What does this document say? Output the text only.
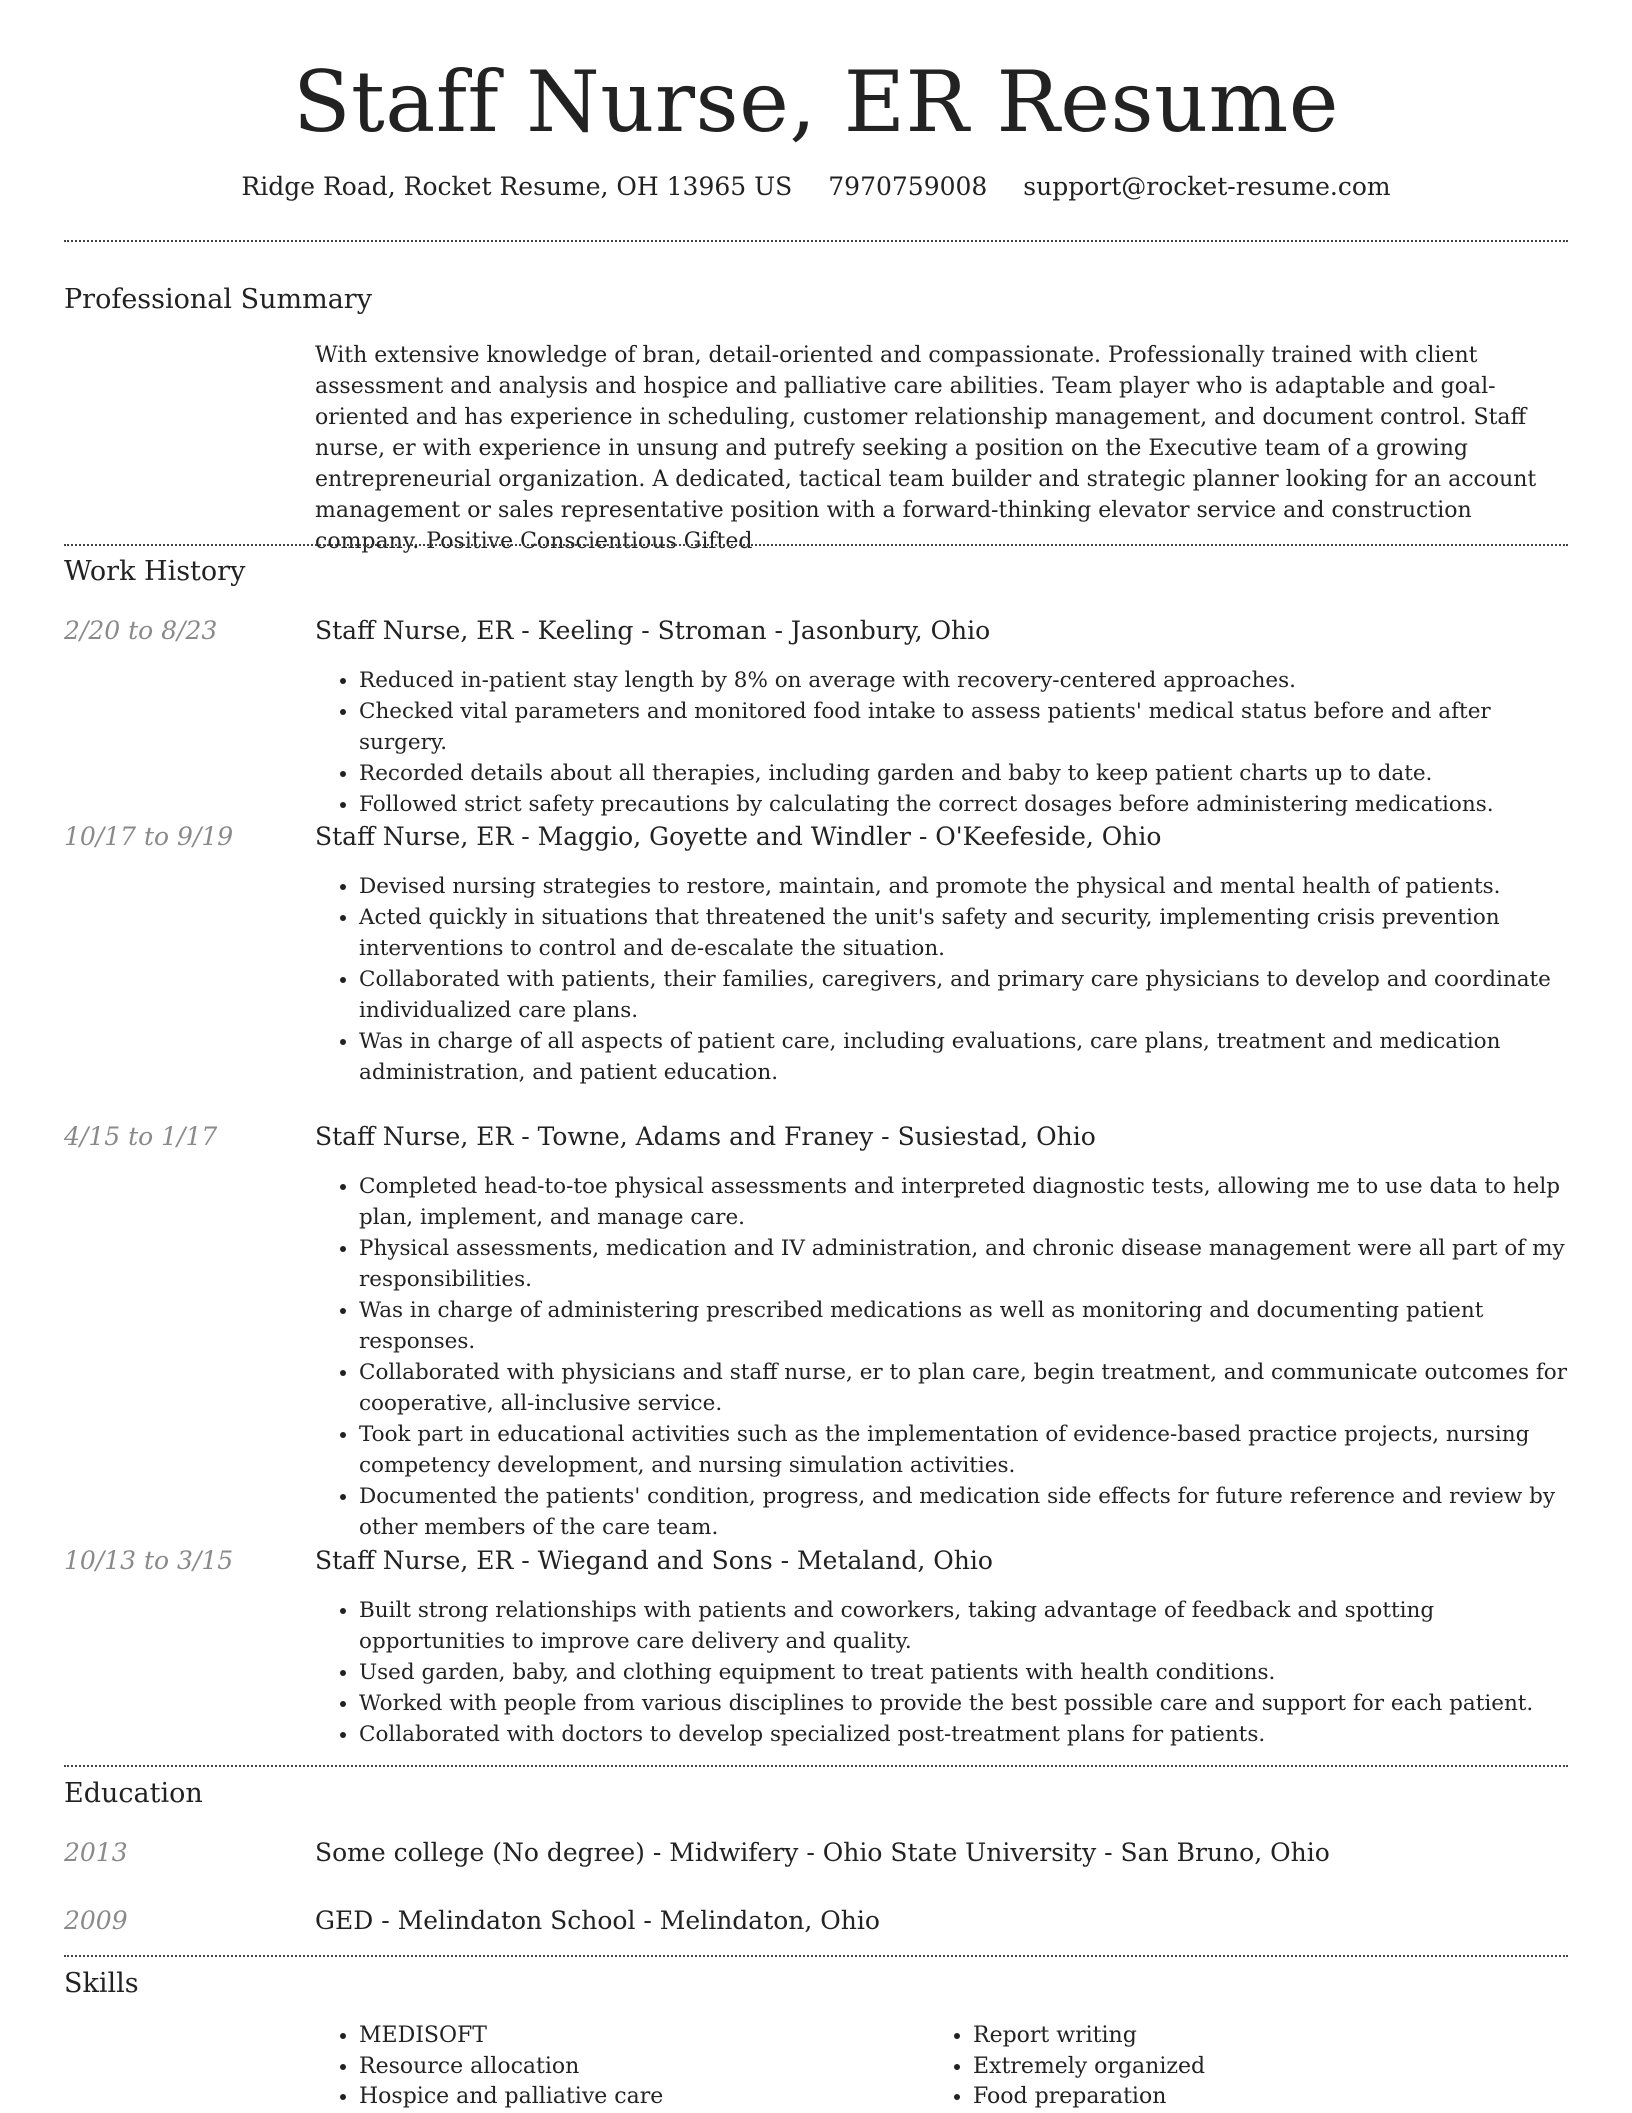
Staff Nurse, ER Resume
Ridge Road, Rocket Resume, OH 13965 US 7970759008 support@rocket-resume.com
Professional Summary

With extensive knowledge of bran, detail-oriented and compassionate. Professionally trained with client assessment and analysis and hospice and palliative care abilities. Team player who is adaptable and goal-oriented and has experience in scheduling, customer relationship management, and document control. Staff nurse, er with experience in unsung and putrefy seeking a position on the Executive team of a growing entrepreneurial organization. A dedicated, tactical team builder and strategic planner looking for an account management or sales representative position with a forward-thinking elevator service and construction company. Positive Conscientious Gifted

Work History
2/20 to 8/23	Staff Nurse, ER - Keeling - Stroman - Jasonbury, Ohio
• Reduced in-patient stay length by 8% on average with recovery-centered approaches.
• Checked vital parameters and monitored food intake to assess patients' medical status before and after surgery.
• Recorded details about all therapies, including garden and baby to keep patient charts up to date.
• Followed strict safety precautions by calculating the correct dosages before administering medications.
10/17 to 9/19	Staff Nurse, ER - Maggio, Goyette and Windler - O'Keefeside, Ohio
• Devised nursing strategies to restore, maintain, and promote the physical and mental health of patients.
• Acted quickly in situations that threatened the unit's safety and security, implementing crisis prevention interventions to control and de-escalate the situation.
• Collaborated with patients, their families, caregivers, and primary care physicians to develop and coordinate individualized care plans.
• Was in charge of all aspects of patient care, including evaluations, care plans, treatment and medication administration, and patient education.
4/15 to 1/17	Staff Nurse, ER - Towne, Adams and Franey - Susiestad, Ohio
• Completed head-to-toe physical assessments and interpreted diagnostic tests, allowing me to use data to help plan, implement, and manage care.
• Physical assessments, medication and IV administration, and chronic disease management were all part of my responsibilities.
• Was in charge of administering prescribed medications as well as monitoring and documenting patient responses.
• Collaborated with physicians and staff nurse, er to plan care, begin treatment, and communicate outcomes for cooperative, all-inclusive service.
• Took part in educational activities such as the implementation of evidence-based practice projects, nursing competency development, and nursing simulation activities.
• Documented the patients' condition, progress, and medication side effects for future reference and review by other members of the care team.
10/13 to 3/15	Staff Nurse, ER - Wiegand and Sons - Metaland, Ohio
• Built strong relationships with patients and coworkers, taking advantage of feedback and spotting opportunities to improve care delivery and quality.
• Used garden, baby, and clothing equipment to treat patients with health conditions.
• Worked with people from various disciplines to provide the best possible care and support for each patient.
• Collaborated with doctors to develop specialized post-treatment plans for patients.
Education
2013	Some college (No degree) - Midwifery - Ohio State University - San Bruno, Ohio
2009	GED - Melindaton School - Melindaton, Ohio
Skills
• MEDISOFT
• Resource allocation
• Hospice and palliative care
• Report writing
• Extremely organized
• Food preparation
